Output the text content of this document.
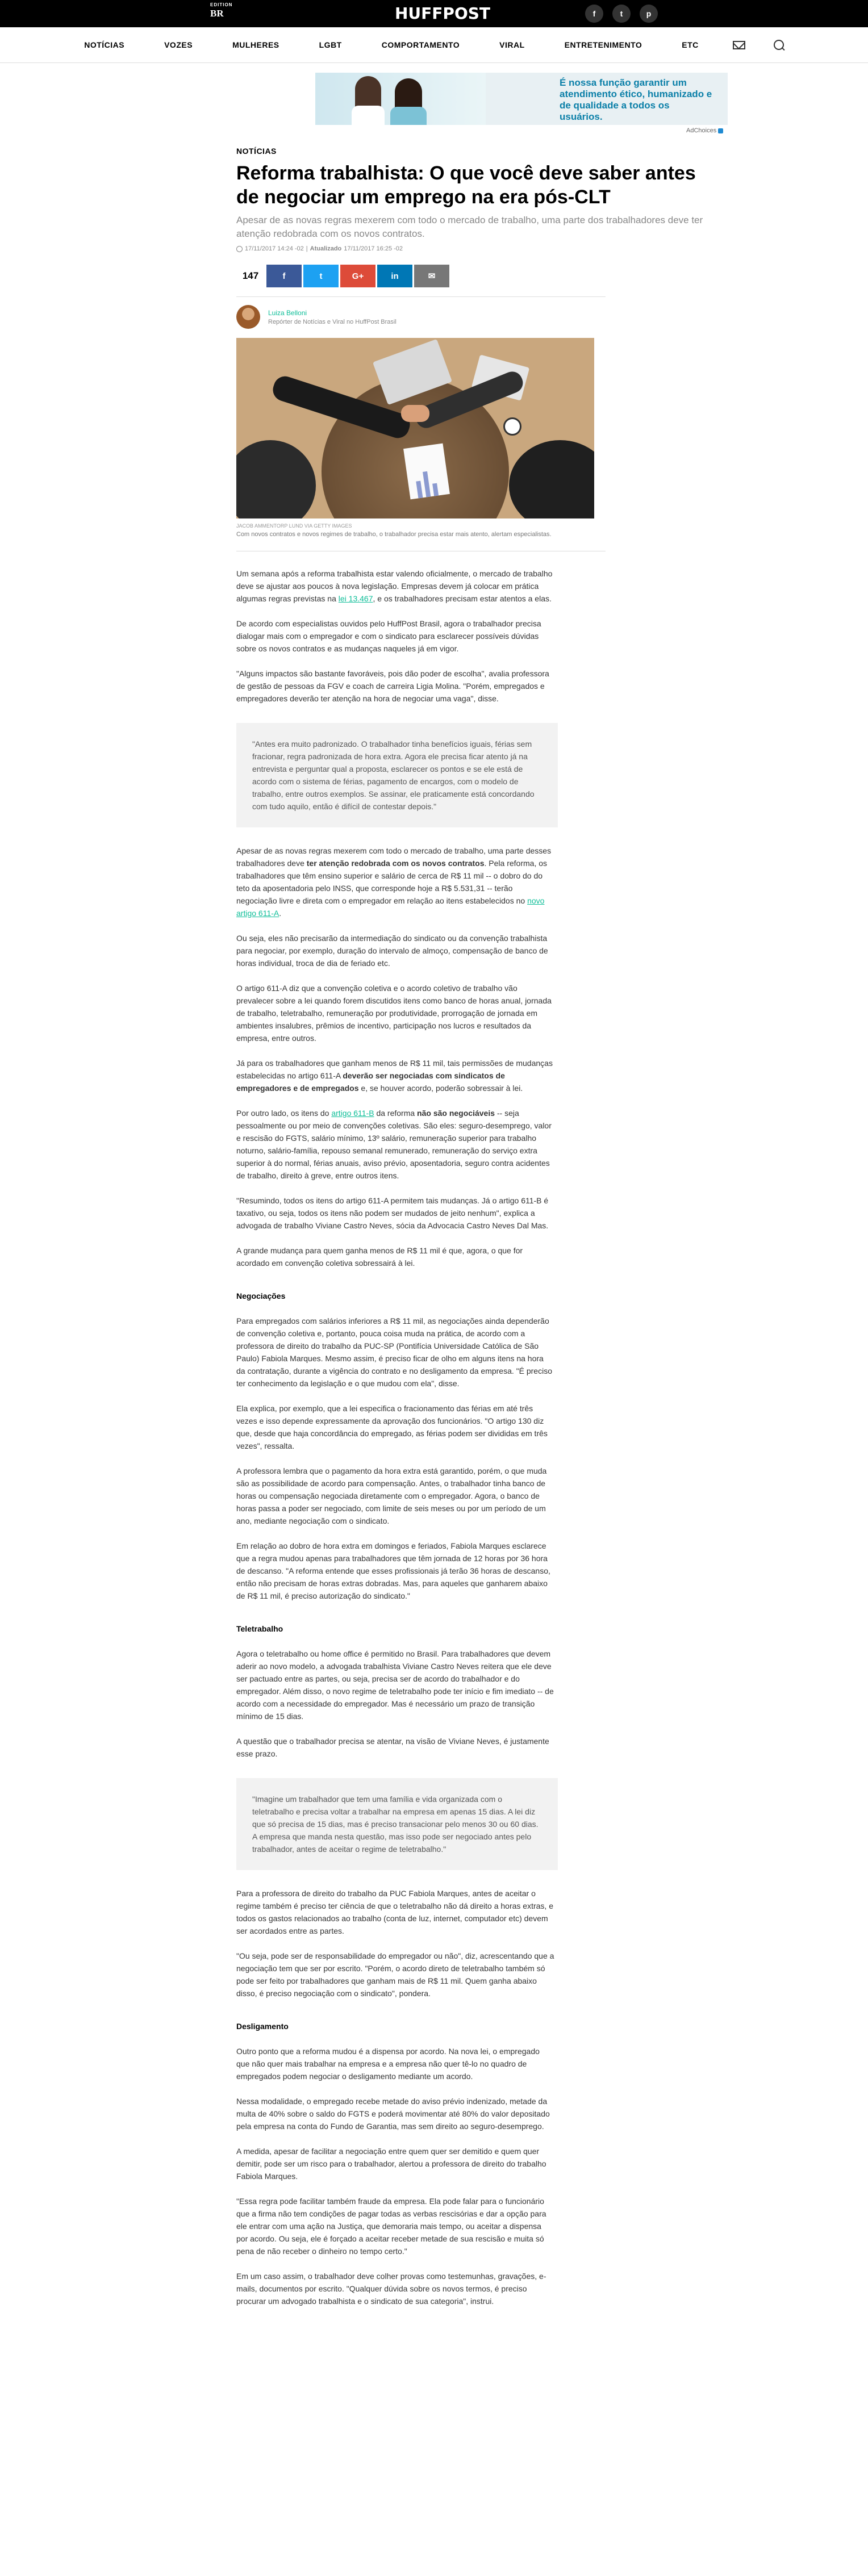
EDITION
BR	HUFFPOST	f	t	p
NOTÍCIAS	VOZES	MULHERES	LGBT	COMPORTAMENTO	VIRAL	ENTRETENIMENTO	ETC
É nossa função garantir um atendimento ético, humanizado e de qualidade a todos os usuários.
AdChoices
NOTÍCIAS
Reforma trabalhista: O que você deve saber antes de negociar um emprego na era pós-CLT
Apesar de as novas regras mexerem com todo o mercado de trabalho, uma parte dos trabalhadores deve ter atenção redobrada com os novos contratos.
17/11/2017 14:24 -02 | Atualizado 17/11/2017 16:25 -02
147	f	t	G+	in	✉
Luiza Belloni
Repórter de Notícias e Viral no HuffPost Brasil
JACOB AMMENTORP LUND VIA GETTY IMAGES
Com novos contratos e novos regimes de trabalho, o trabalhador precisa estar mais atento, alertam especialistas.

Um semana após a reforma trabalhista estar valendo oficialmente, o mercado de trabalho deve se ajustar aos poucos à nova legislação. Empresas devem já colocar em prática algumas regras previstas na lei 13.467, e os trabalhadores precisam estar atentos a elas.

De acordo com especialistas ouvidos pelo HuffPost Brasil, agora o trabalhador precisa dialogar mais com o empregador e com o sindicato para esclarecer possíveis dúvidas sobre os novos contratos e as mudanças naqueles já em vigor.

"Alguns impactos são bastante favoráveis, pois dão poder de escolha", avalia professora de gestão de pessoas da FGV e coach de carreira Ligia Molina. "Porém, empregados e empregadores deverão ter atenção na hora de negociar uma vaga", disse.

"Antes era muito padronizado. O trabalhador tinha benefícios iguais, férias sem fracionar, regra padronizada de hora extra. Agora ele precisa ficar atento já na entrevista e perguntar qual a proposta, esclarecer os pontos e se ele está de acordo com o sistema de férias, pagamento de encargos, com o modelo de trabalho, entre outros exemplos. Se assinar, ele praticamente está concordando com tudo aquilo, então é difícil de contestar depois."

Apesar de as novas regras mexerem com todo o mercado de trabalho, uma parte desses trabalhadores deve ter atenção redobrada com os novos contratos. Pela reforma, os trabalhadores que têm ensino superior e salário de cerca de R$ 11 mil -- o dobro do do teto da aposentadoria pelo INSS, que corresponde hoje a R$ 5.531,31 -- terão negociação livre e direta com o empregador em relação ao itens estabelecidos no novo artigo 611-A.

Ou seja, eles não precisarão da intermediação do sindicato ou da convenção trabalhista para negociar, por exemplo, duração do intervalo de almoço, compensação de banco de horas individual, troca de dia de feriado etc.

O artigo 611-A diz que a convenção coletiva e o acordo coletivo de trabalho vão prevalecer sobre a lei quando forem discutidos itens como banco de horas anual, jornada de trabalho, teletrabalho, remuneração por produtividade, prorrogação de jornada em ambientes insalubres, prêmios de incentivo, participação nos lucros e resultados da empresa, entre outros.

Já para os trabalhadores que ganham menos de R$ 11 mil, tais permissões de mudanças estabelecidas no artigo 611-A deverão ser negociadas com sindicatos de empregadores e de empregados e, se houver acordo, poderão sobressair à lei.

Por outro lado, os itens do artigo 611-B da reforma não são negociáveis -- seja pessoalmente ou por meio de convenções coletivas. São eles: seguro-desemprego, valor e rescisão do FGTS, salário mínimo, 13º salário, remuneração superior para trabalho noturno, salário-família, repouso semanal remunerado, remuneração do serviço extra superior à do normal, férias anuais, aviso prévio, aposentadoria, seguro contra acidentes de trabalho, direito à greve, entre outros itens.

"Resumindo, todos os itens do artigo 611-A permitem tais mudanças. Já o artigo 611-B é taxativo, ou seja, todos os itens não podem ser mudados de jeito nenhum", explica a advogada de trabalho Viviane Castro Neves, sócia da Advocacia Castro Neves Dal Mas.

A grande mudança para quem ganha menos de R$ 11 mil é que, agora, o que for acordado em convenção coletiva sobressairá à lei.

Negociações

Para empregados com salários inferiores a R$ 11 mil, as negociações ainda dependerão de convenção coletiva e, portanto, pouca coisa muda na prática, de acordo com a professora de direito do trabalho da PUC-SP (Pontifícia Universidade Católica de São Paulo) Fabiola Marques. Mesmo assim, é preciso ficar de olho em alguns itens na hora da contratação, durante a vigência do contrato e no desligamento da empresa. "É preciso ter conhecimento da legislação e o que mudou com ela", disse.

Ela explica, por exemplo, que a lei especifica o fracionamento das férias em até três vezes e isso depende expressamente da aprovação dos funcionários. "O artigo 130 diz que, desde que haja concordância do empregado, as férias podem ser divididas em três vezes", ressalta.

A professora lembra que o pagamento da hora extra está garantido, porém, o que muda são as possibilidade de acordo para compensação. Antes, o trabalhador tinha banco de horas ou compensação negociada diretamente com o empregador. Agora, o banco de horas passa a poder ser negociado, com limite de seis meses ou por um período de um ano, mediante negociação com o sindicato.

Em relação ao dobro de hora extra em domingos e feriados, Fabiola Marques esclarece que a regra mudou apenas para trabalhadores que têm jornada de 12 horas por 36 hora de descanso. "A reforma entende que esses profissionais já terão 36 horas de descanso, então não precisam de horas extras dobradas. Mas, para aqueles que ganharem abaixo de R$ 11 mil, é preciso autorização do sindicato."

Teletrabalho

Agora o teletrabalho ou home office é permitido no Brasil. Para trabalhadores que devem aderir ao novo modelo, a advogada trabalhista Viviane Castro Neves reitera que ele deve ser pactuado entre as partes, ou seja, precisa ser de acordo do trabalhador e do empregador. Além disso, o novo regime de teletrabalho pode ter início e fim imediato -- de acordo com a necessidade do empregador. Mas é necessário um prazo de transição mínimo de 15 dias.

A questão que o trabalhador precisa se atentar, na visão de Viviane Neves, é justamente esse prazo.

"Imagine um trabalhador que tem uma família e vida organizada com o teletrabalho e precisa voltar a trabalhar na empresa em apenas 15 dias. A lei diz que só precisa de 15 dias, mas é preciso transacionar pelo menos 30 ou 60 dias. A empresa que manda nesta questão, mas isso pode ser negociado antes pelo trabalhador, antes de aceitar o regime de teletrabalho."

Para a professora de direito do trabalho da PUC Fabiola Marques, antes de aceitar o regime também é preciso ter ciência de que o teletrabalho não dá direito a horas extras, e todos os gastos relacionados ao trabalho (conta de luz, internet, computador etc) devem ser acordados entre as partes.

"Ou seja, pode ser de responsabilidade do empregador ou não", diz, acrescentando que a negociação tem que ser por escrito. "Porém, o acordo direto de teletrabalho também só pode ser feito por trabalhadores que ganham mais de R$ 11 mil. Quem ganha abaixo disso, é preciso negociação com o sindicato", pondera.

Desligamento

Outro ponto que a reforma mudou é a dispensa por acordo. Na nova lei, o empregado que não quer mais trabalhar na empresa e a empresa não quer tê-lo no quadro de empregados podem negociar o desligamento mediante um acordo.

Nessa modalidade, o empregado recebe metade do aviso prévio indenizado, metade da multa de 40% sobre o saldo do FGTS e poderá movimentar até 80% do valor depositado pela empresa na conta do Fundo de Garantia, mas sem direito ao seguro-desemprego.

A medida, apesar de facilitar a negociação entre quem quer ser demitido e quem quer demitir, pode ser um risco para o trabalhador, alertou a professora de direito do trabalho Fabiola Marques.

"Essa regra pode facilitar também fraude da empresa. Ela pode falar para o funcionário que a firma não tem condições de pagar todas as verbas rescisórias e dar a opção para ele entrar com uma ação na Justiça, que demoraria mais tempo, ou aceitar a dispensa por acordo. Ou seja, ele é forçado a aceitar receber metade de sua rescisão e muita só pena de não receber o dinheiro no tempo certo."

Em um caso assim, o trabalhador deve colher provas como testemunhas, gravações, e-mails, documentos por escrito. "Qualquer dúvida sobre os novos termos, é preciso procurar um advogado trabalhista e o sindicato de sua categoria", instrui.
